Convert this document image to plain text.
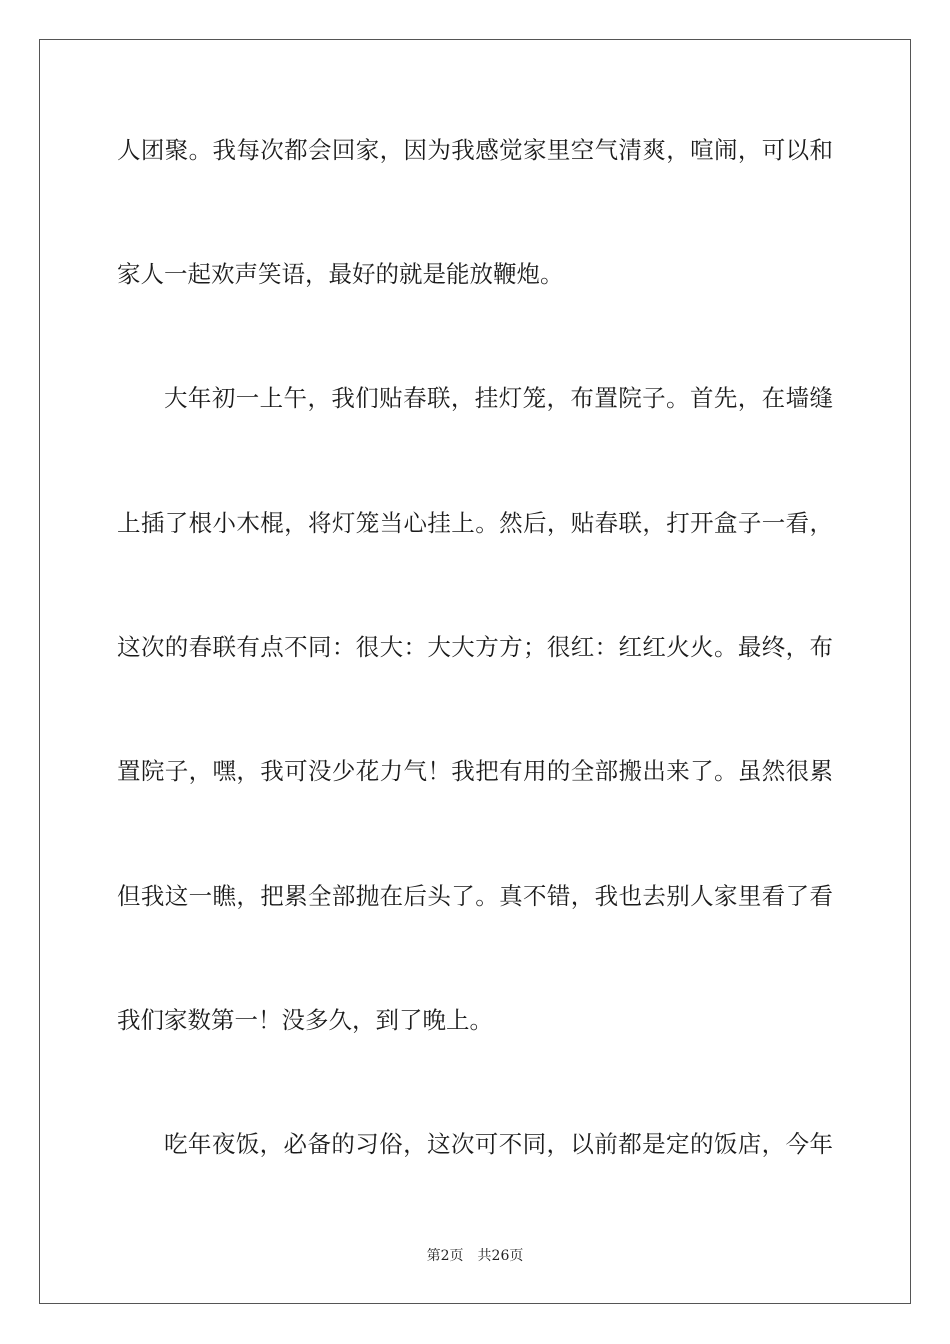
人团聚。我每次都会回家，因为我感觉家里空气清爽，喧闹，可以和
家人一起欢声笑语，最好的就是能放鞭炮。
大年初一上午，我们贴春联，挂灯笼，布置院子。首先，在墙缝
上插了根小木棍，将灯笼当心挂上。然后，贴春联，打开盒子一看，
这次的春联有点不同：很大：大大方方；很红：红红火火。最终，布
置院子，嘿，我可没少花力气！我把有用的全部搬出来了。虽然很累
但我这一瞧，把累全部抛在后头了。真不错，我也去别人家里看了看
我们家数第一！没多久，到了晚上。
吃年夜饭，必备的习俗，这次可不同，以前都是定的饭店，今年
第2页 共26页
